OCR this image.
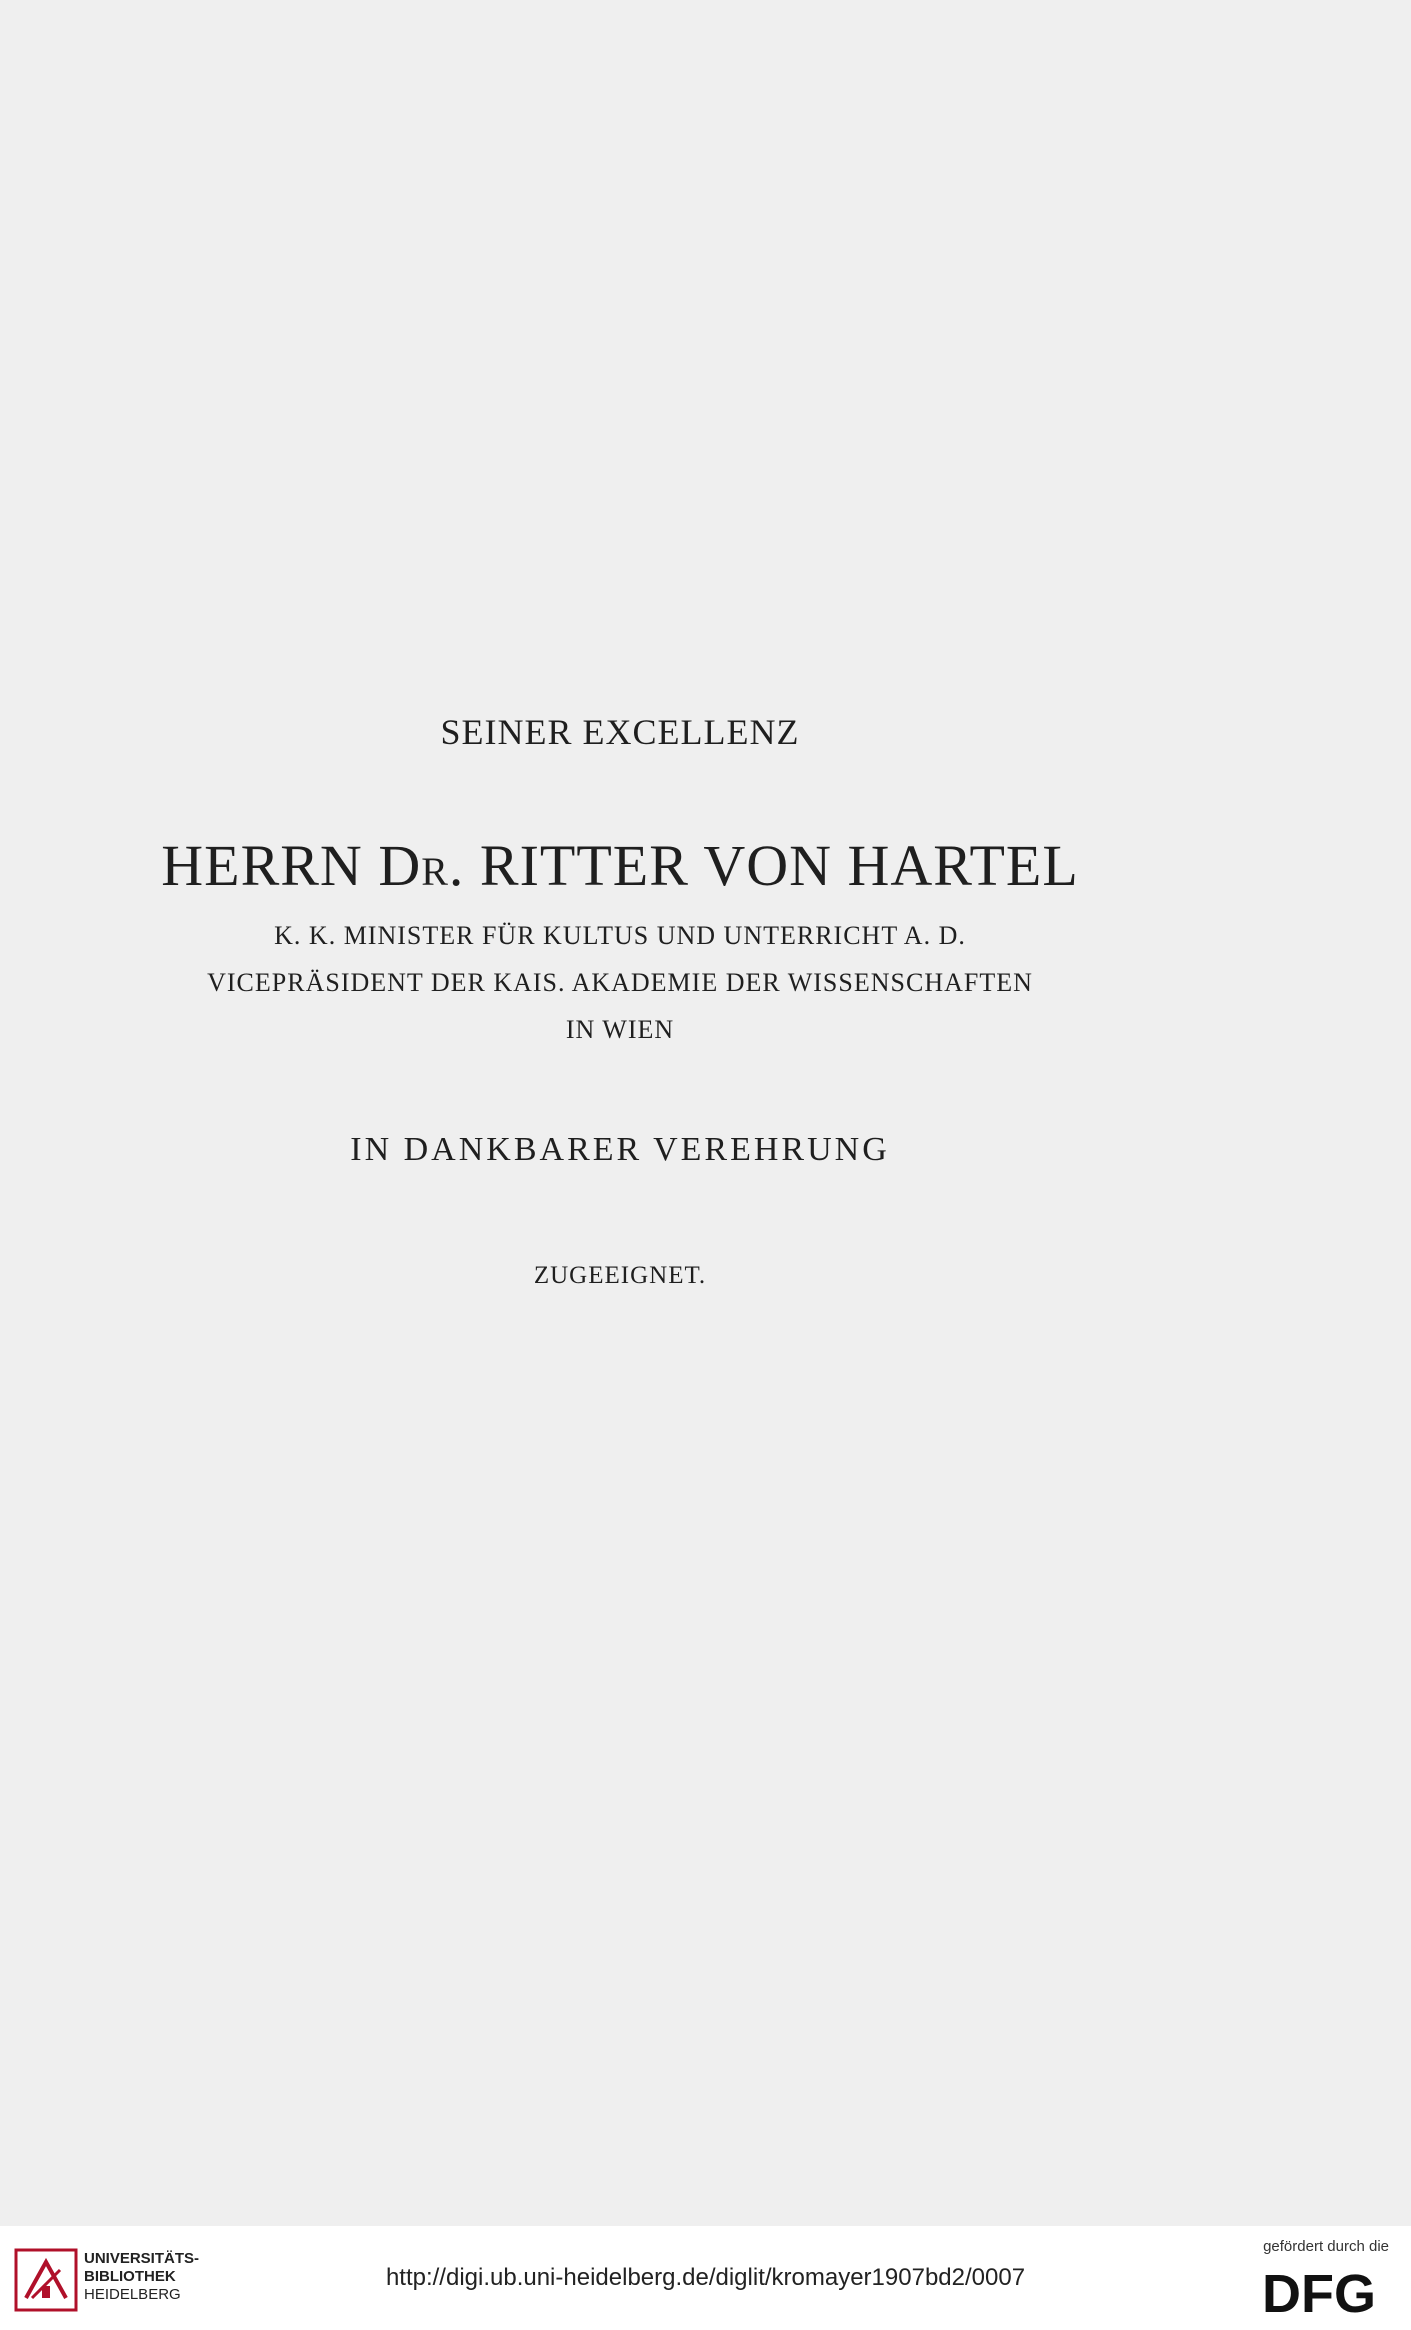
SEINER EXCELLENZ
HERRN DR. RITTER VON HARTEL
K. K. MINISTER FÜR KULTUS UND UNTERRICHT A. D.
VICEPRÄSIDENT DER KAIS. AKADEMIE DER WISSENSCHAFTEN
IN WIEN
IN DANKBARER VEREHRUNG
ZUGEEIGNET.
UNIVERSITÄTS-
BIBLIOTHEK
HEIDELBERG
http://digi.ub.uni-heidelberg.de/diglit/kromayer1907bd2/0007
gefördert durch die
DFG
